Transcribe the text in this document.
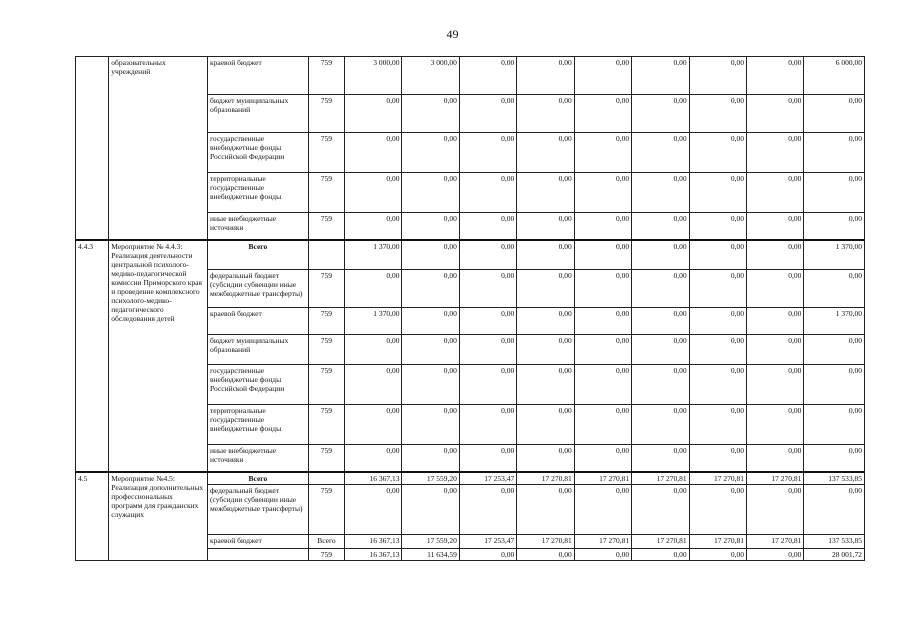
49
	образовательных учреждений	краевой бюджет	759	3 000,00	3 000,00	0,00	0,00	0,00	0,00	0,00	0,00	6 000,00
		бюджет муниципальных образований	759	0,00	0,00	0,00	0,00	0,00	0,00	0,00	0,00	0,00
		государственные внебюджетные фонды Российской Федерации	759	0,00	0,00	0,00	0,00	0,00	0,00	0,00	0,00	0,00
		территориальные государственные внебюджетные фонды	759	0,00	0,00	0,00	0,00	0,00	0,00	0,00	0,00	0,00
		иные внебюджетные источники	759	0,00	0,00	0,00	0,00	0,00	0,00	0,00	0,00	0,00
4.4.3	Мероприятие № 4.4.3: Реализация деятельности центральной психолого-медико-педагогической комиссии Приморского края и проведение комплексного психолого-медико-педагогического обследования детей	Всего		1 370,00	0,00	0,00	0,00	0,00	0,00	0,00	0,00	1 370,00
		федеральный бюджет (субсидии субвенции иные межбюджетные трансферты)	759	0,00	0,00	0,00	0,00	0,00	0,00	0,00	0,00	0,00
		краевой бюджет	759	1 370,00	0,00	0,00	0,00	0,00	0,00	0,00	0,00	1 370,00
		бюджет муниципальных образований	759	0,00	0,00	0,00	0,00	0,00	0,00	0,00	0,00	0,00
		государственные внебюджетные фонды Российской Федерации	759	0,00	0,00	0,00	0,00	0,00	0,00	0,00	0,00	0,00
		территориальные государственные внебюджетные фонды	759	0,00	0,00	0,00	0,00	0,00	0,00	0,00	0,00	0,00
		иные внебюджетные источники	759	0,00	0,00	0,00	0,00	0,00	0,00	0,00	0,00	0,00
4.5	Мероприятие №4.5: Реализация дополнительных профессиональных программ для гражданских служащих	Всего		16 367,13	17 559,20	17 253,47	17 270,81	17 270,81	17 270,81	17 270,81	17 270,81	137 533,85
		федеральный бюджет (субсидии субвенции иные межбюджетные трансферты)	759	0,00	0,00	0,00	0,00	0,00	0,00	0,00	0,00	0,00
		краевой бюджет	Всего	16 367,13	17 559,20	17 253,47	17 270,81	17 270,81	17 270,81	17 270,81	17 270,81	137 533,85
			759	16 367,13	11 634,59	0,00	0,00	0,00	0,00	0,00	0,00	28 001,72
